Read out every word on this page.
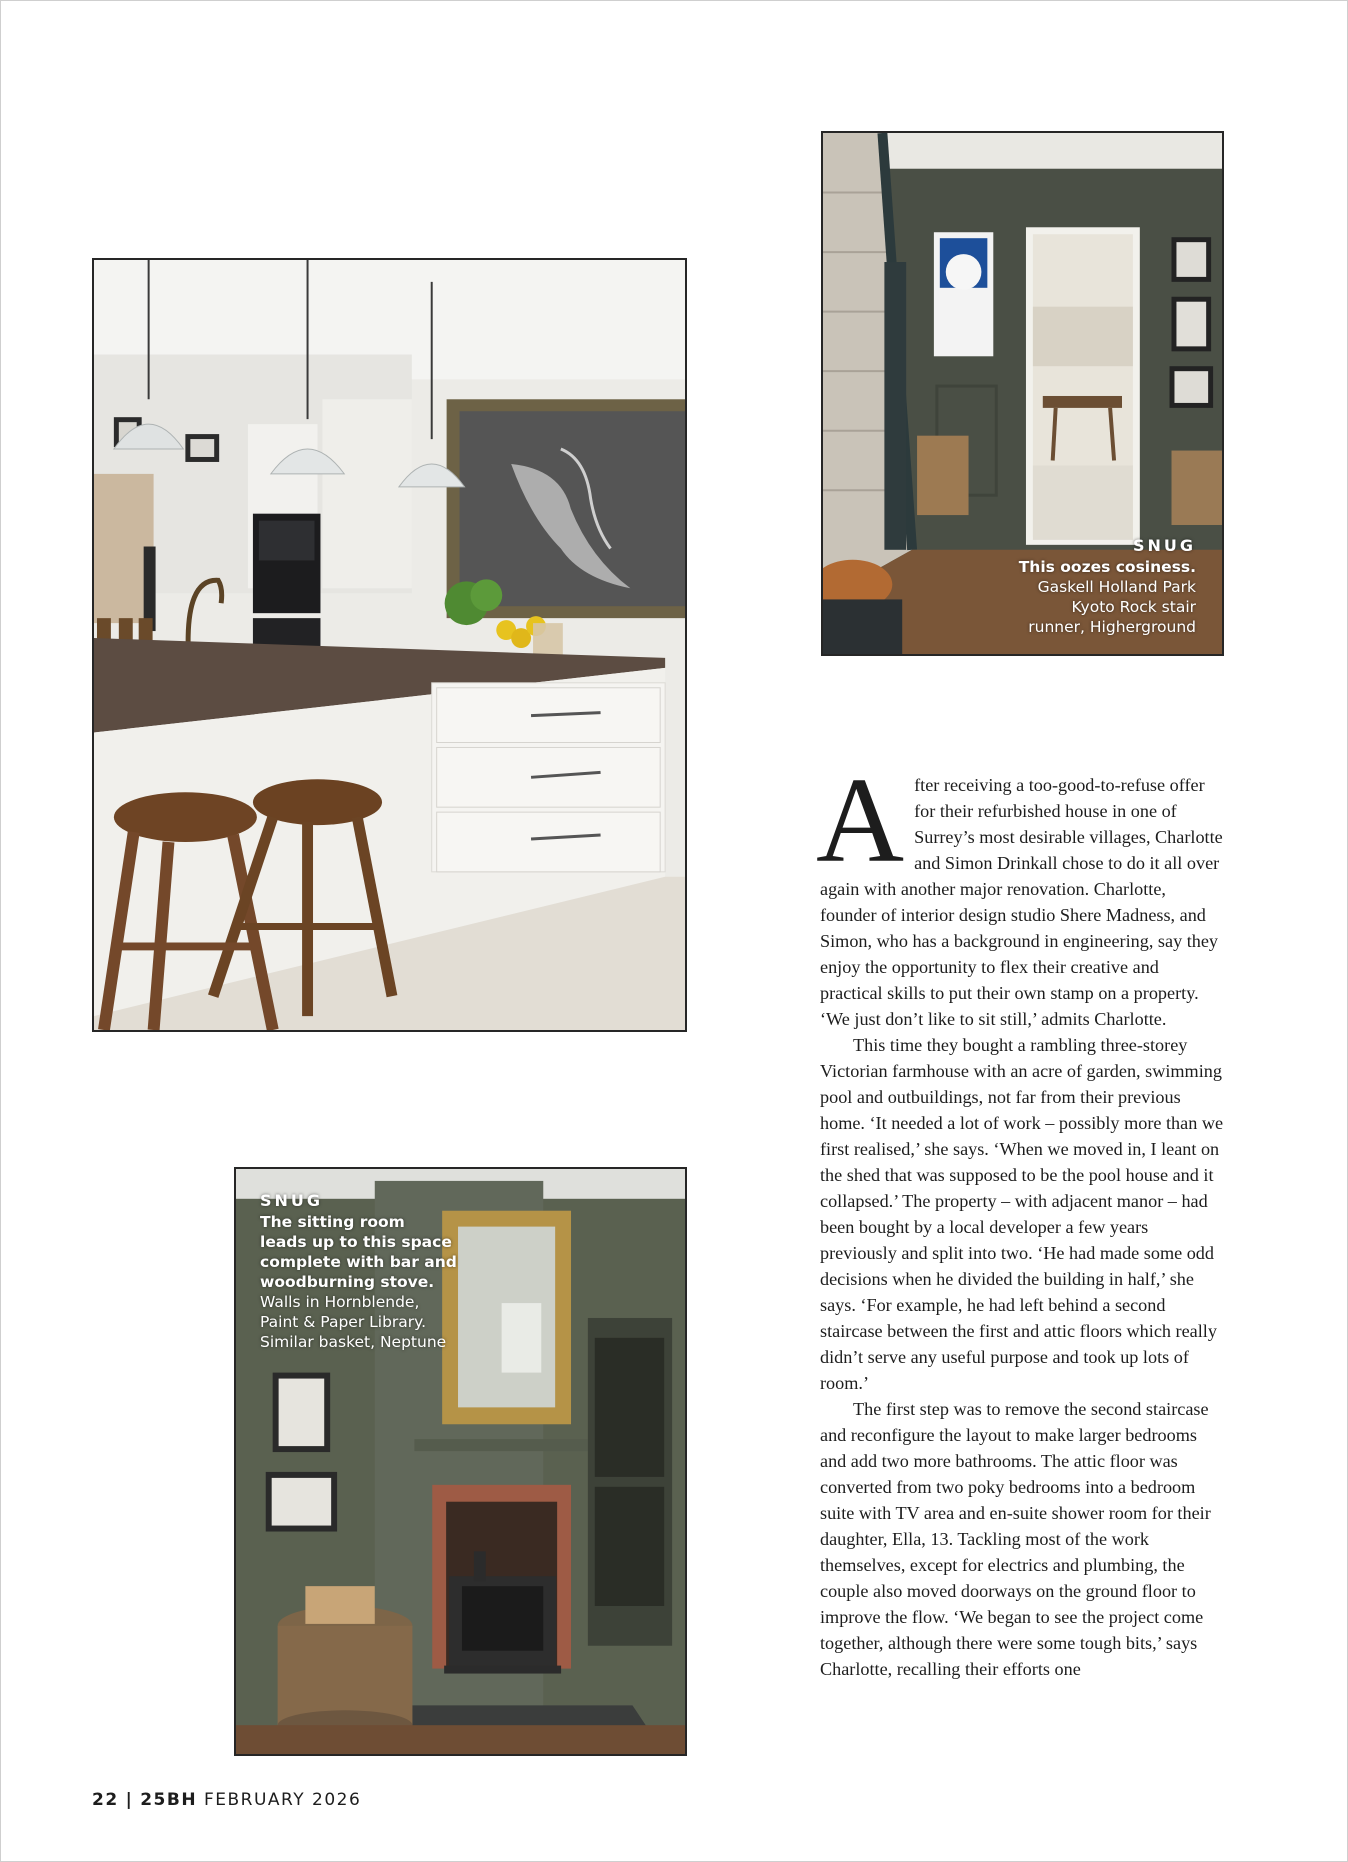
SNUG
This oozes cosiness.
Gaskell Holland Park
Kyoto Rock stair
runner, Higherground
SNUG
The sitting room
leads up to this space
complete with bar and
woodburning stove.
Walls in Hornblende,
Paint & Paper Library.
Similar basket, Neptune

After receiving a too-good-to-refuse offer for their refurbished house in one of Surrey’s most desirable villages, Charlotte and Simon Drinkall chose to do it all over again with another major renovation. Charlotte, founder of interior design studio Shere Madness, and Simon, who has a background in engineering, say they enjoy the opportunity to flex their creative and practical skills to put their own stamp on a property. ‘We just don’t like to sit still,’ admits Charlotte.

This time they bought a rambling three-storey Victorian farmhouse with an acre of garden, swimming pool and outbuildings, not far from their previous home. ‘It needed a lot of work – possibly more than we first realised,’ she says. ‘When we moved in, I leant on the shed that was supposed to be the pool house and it collapsed.’ The property – with adjacent manor – had been bought by a local developer a few years previously and split into two. ‘He had made some odd decisions when he divided the building in half,’ she says. ‘For example, he had left behind a second staircase between the first and attic floors which really didn’t serve any useful purpose and took up lots of room.’

The first step was to remove the second staircase and reconfigure the layout to make larger bedrooms and add two more bathrooms. The attic floor was converted from two poky bedrooms into a bedroom suite with TV area and en-suite shower room for their daughter, Ella, 13. Tackling most of the work themselves, except for electrics and plumbing, the couple also moved doorways on the ground floor to improve the flow. ‘We began to see the project come together, although there were some tough bits,’ says Charlotte, recalling their efforts one

22 | 25BH FEBRUARY 2026
